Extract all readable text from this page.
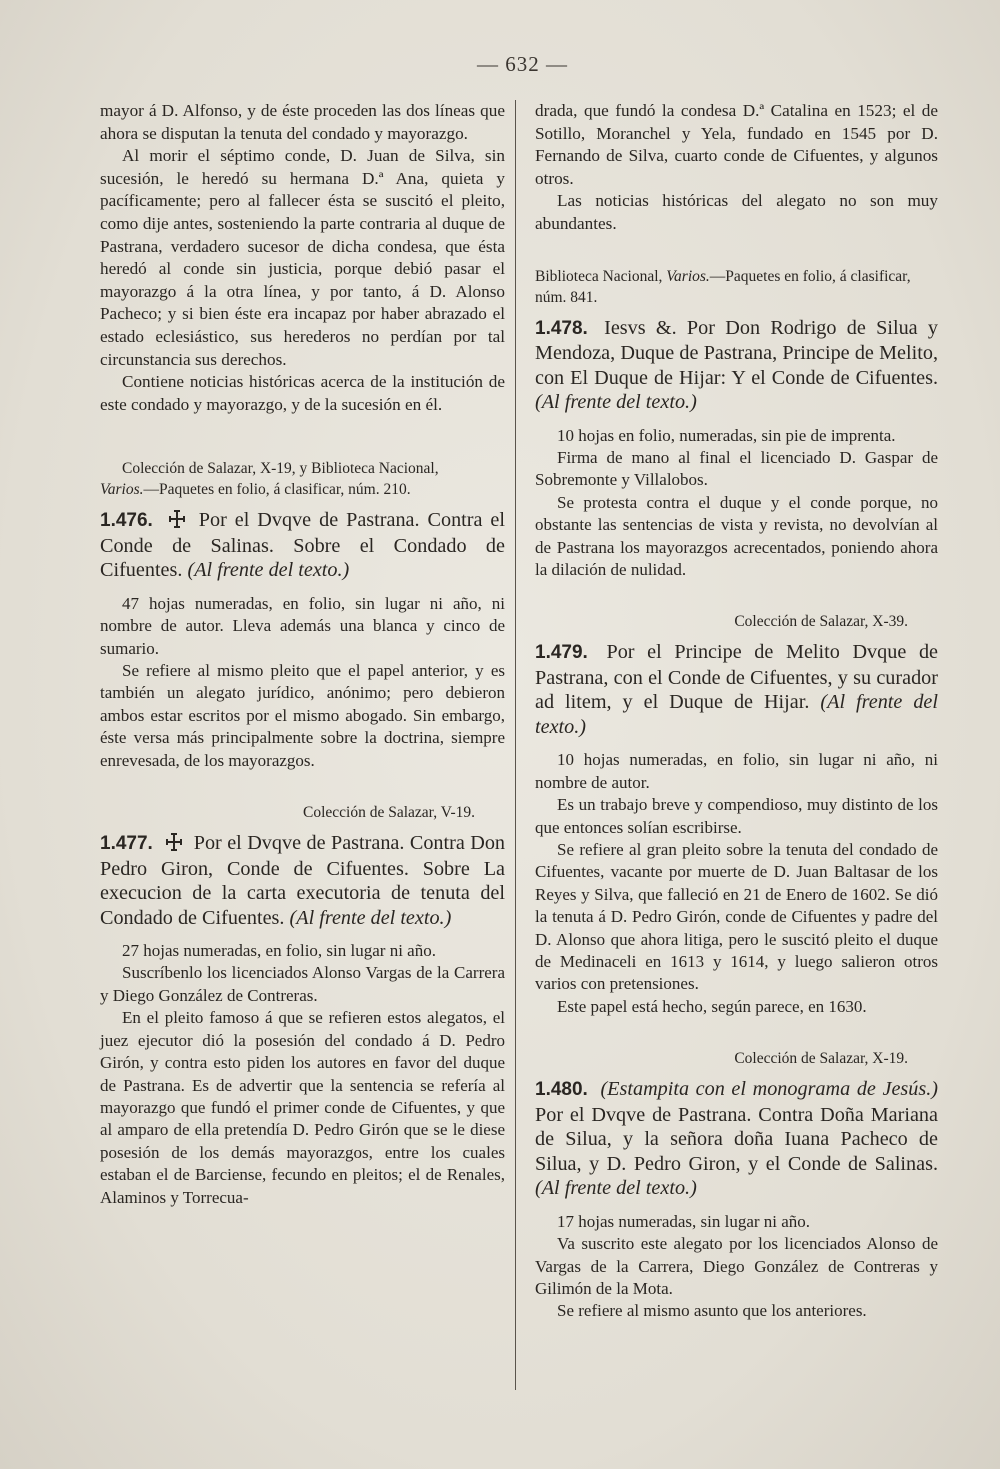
— 632 —

mayor á D. Alfonso, y de éste proceden las dos líneas que ahora se disputan la tenuta del condado y mayorazgo.

Al morir el séptimo conde, D. Juan de Silva, sin sucesión, le heredó su hermana D.ª Ana, quieta y pacíficamente; pero al fallecer ésta se suscitó el pleito, como dije antes, sosteniendo la parte contraria al duque de Pastrana, verdadero sucesor de dicha condesa, que ésta heredó al conde sin justicia, porque debió pasar el mayorazgo á la otra línea, y por tanto, á D. Alonso Pacheco; y si bien éste era incapaz por haber abrazado el estado eclesiástico, sus herederos no perdían por tal circunstancia sus derechos.

Contiene noticias históricas acerca de la institución de este condado y mayorazgo, y de la sucesión en él.

Colección de Salazar, X-19, y Biblioteca Nacional,
Varios.—Paquetes en folio, á clasificar, núm. 210.

1.476. Por el Dvqve de Pastrana. Contra el Conde de Salinas. Sobre el Condado de Cifuentes. (Al frente del texto.)

47 hojas numeradas, en folio, sin lugar ni año, ni nombre de autor. Lleva además una blanca y cinco de sumario.

Se refiere al mismo pleito que el papel anterior, y es también un alegato jurídico, anónimo; pero debieron ambos estar escritos por el mismo abogado. Sin embargo, éste versa más principalmente sobre la doctrina, siempre enrevesada, de los mayorazgos.

Colección de Salazar, V-19.

1.477. Por el Dvqve de Pastrana. Contra Don Pedro Giron, Conde de Cifuentes. Sobre La execucion de la carta executoria de tenuta del Condado de Cifuentes. (Al frente del texto.)

27 hojas numeradas, en folio, sin lugar ni año.

Suscríbenlo los licenciados Alonso Vargas de la Carrera y Diego González de Contreras.

En el pleito famoso á que se refieren estos alegatos, el juez ejecutor dió la posesión del condado á D. Pedro Girón, y contra esto piden los autores en favor del duque de Pastrana. Es de advertir que la sentencia se refería al mayorazgo que fundó el primer conde de Cifuentes, y que al amparo de ella pretendía D. Pedro Girón que se le diese posesión de los demás mayorazgos, entre los cuales estaban el de Barciense, fecundo en pleitos; el de Renales, Alaminos y Torrecua-

drada, que fundó la condesa D.ª Catalina en 1523; el de Sotillo, Moranchel y Yela, fundado en 1545 por D. Fernando de Silva, cuarto conde de Cifuentes, y algunos otros.

Las noticias históricas del alegato no son muy abundantes.

Biblioteca Nacional, Varios.—Paquetes en folio, á clasificar, núm. 841.

1.478. Iesvs &. Por Don Rodrigo de Silua y Mendoza, Duque de Pastrana, Principe de Melito, con El Duque de Hijar: Y el Conde de Cifuentes. (Al frente del texto.)

10 hojas en folio, numeradas, sin pie de imprenta.

Firma de mano al final el licenciado D. Gaspar de Sobremonte y Villalobos.

Se protesta contra el duque y el conde porque, no obstante las sentencias de vista y revista, no devolvían al de Pastrana los mayorazgos acrecentados, poniendo ahora la dilación de nulidad.

Colección de Salazar, X-39.

1.479. Por el Principe de Melito Dvque de Pastrana, con el Conde de Cifuentes, y su curador ad litem, y el Duque de Hijar. (Al frente del texto.)

10 hojas numeradas, en folio, sin lugar ni año, ni nombre de autor.

Es un trabajo breve y compendioso, muy distinto de los que entonces solían escribirse.

Se refiere al gran pleito sobre la tenuta del condado de Cifuentes, vacante por muerte de D. Juan Baltasar de los Reyes y Silva, que falleció en 21 de Enero de 1602. Se dió la tenuta á D. Pedro Girón, conde de Cifuentes y padre del D. Alonso que ahora litiga, pero le suscitó pleito el duque de Medinaceli en 1613 y 1614, y luego salieron otros varios con pretensiones.

Este papel está hecho, según parece, en 1630.

Colección de Salazar, X-19.

1.480. (Estampita con el monograma de Jesús.) Por el Dvqve de Pastrana. Contra Doña Mariana de Silua, y la señora doña Iuana Pacheco de Silua, y D. Pedro Giron, y el Conde de Salinas. (Al frente del texto.)

17 hojas numeradas, sin lugar ni año.

Va suscrito este alegato por los licenciados Alonso de Vargas de la Carrera, Diego González de Contreras y Gilimón de la Mota.

Se refiere al mismo asunto que los anteriores.
